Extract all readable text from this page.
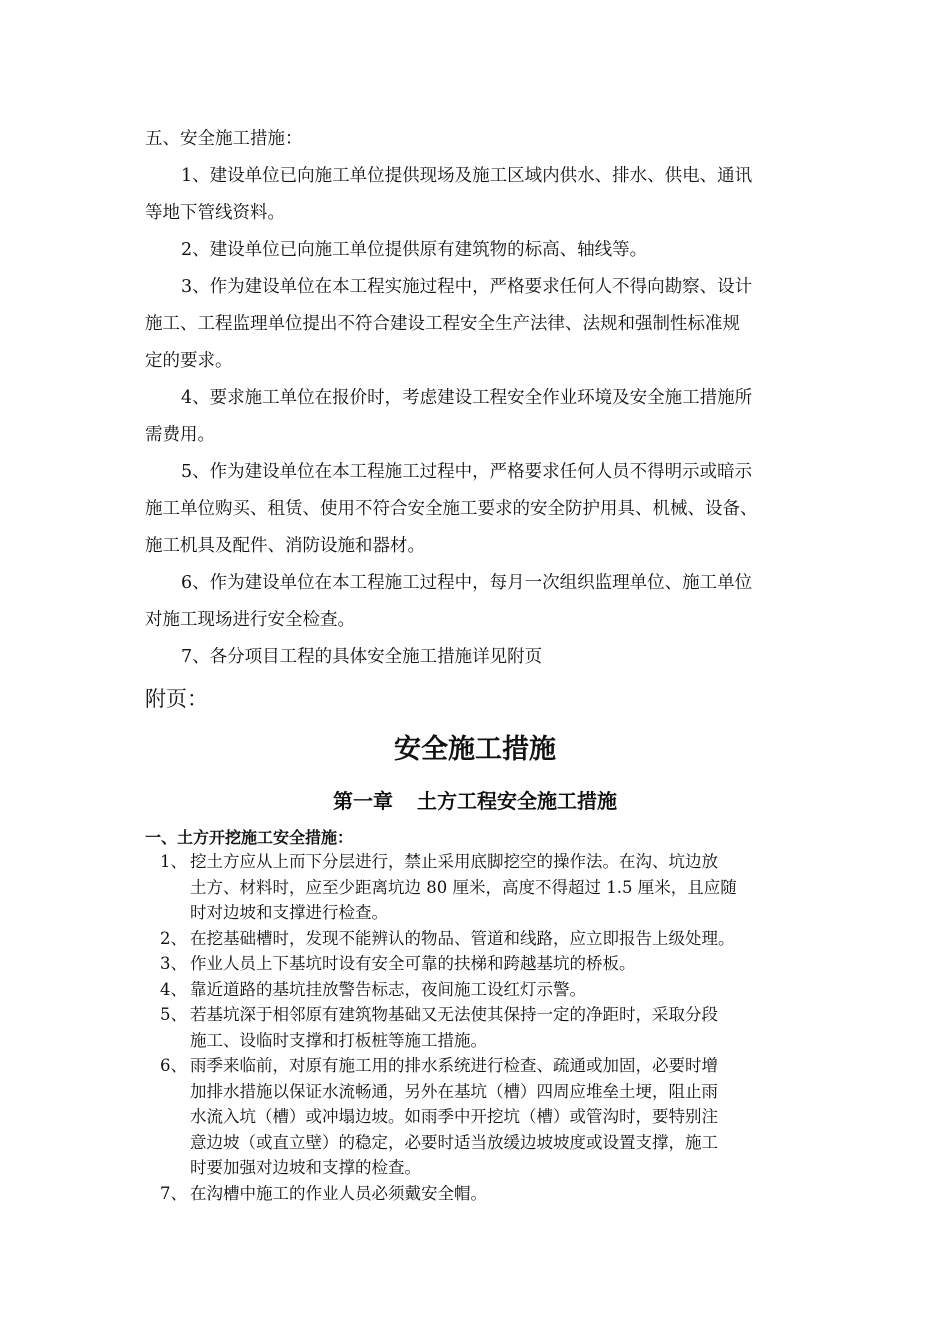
五、安全施工措施：

1、建设单位已向施工单位提供现场及施工区域内供水、排水、供电、通讯

等地下管线资料。

2、建设单位已向施工单位提供原有建筑物的标高、轴线等。

3、作为建设单位在本工程实施过程中，严格要求任何人不得向勘察、设计

施工、工程监理单位提出不符合建设工程安全生产法律、法规和强制性标准规

定的要求。

4、要求施工单位在报价时，考虑建设工程安全作业环境及安全施工措施所

需费用。

5、作为建设单位在本工程施工过程中，严格要求任何人员不得明示或暗示

施工单位购买、租赁、使用不符合安全施工要求的安全防护用具、机械、设备、

施工机具及配件、消防设施和器材。

6、作为建设单位在本工程施工过程中，每月一次组织监理单位、施工单位

对施工现场进行安全检查。

7、各分项目工程的具体安全施工措施详见附页

附页：

安全施工措施

第一章 土方工程安全施工措施

一、土方开挖施工安全措施：

1、 挖土方应从上而下分层进行，禁止采用底脚挖空的操作法。在沟、坑边放
土方、材料时，应至少距离坑边 80 厘米，高度不得超过 1.5 厘米，且应随
时对边坡和支撑进行检查。
2、 在挖基础槽时，发现不能辨认的物品、管道和线路，应立即报告上级处理。
3、 作业人员上下基坑时设有安全可靠的扶梯和跨越基坑的桥板。
4、 靠近道路的基坑挂放警告标志，夜间施工设红灯示警。
5、 若基坑深于相邻原有建筑物基础又无法使其保持一定的净距时，采取分段
施工、设临时支撑和打板桩等施工措施。
6、 雨季来临前，对原有施工用的排水系统进行检查、疏通或加固，必要时增
加排水措施以保证水流畅通，另外在基坑（槽）四周应堆垒土埂，阻止雨
水流入坑（槽）或冲塌边坡。如雨季中开挖坑（槽）或管沟时，要特别注
意边坡（或直立壁）的稳定，必要时适当放缓边坡坡度或设置支撑，施工
时要加强对边坡和支撑的检查。
7、 在沟槽中施工的作业人员必须戴安全帽。
